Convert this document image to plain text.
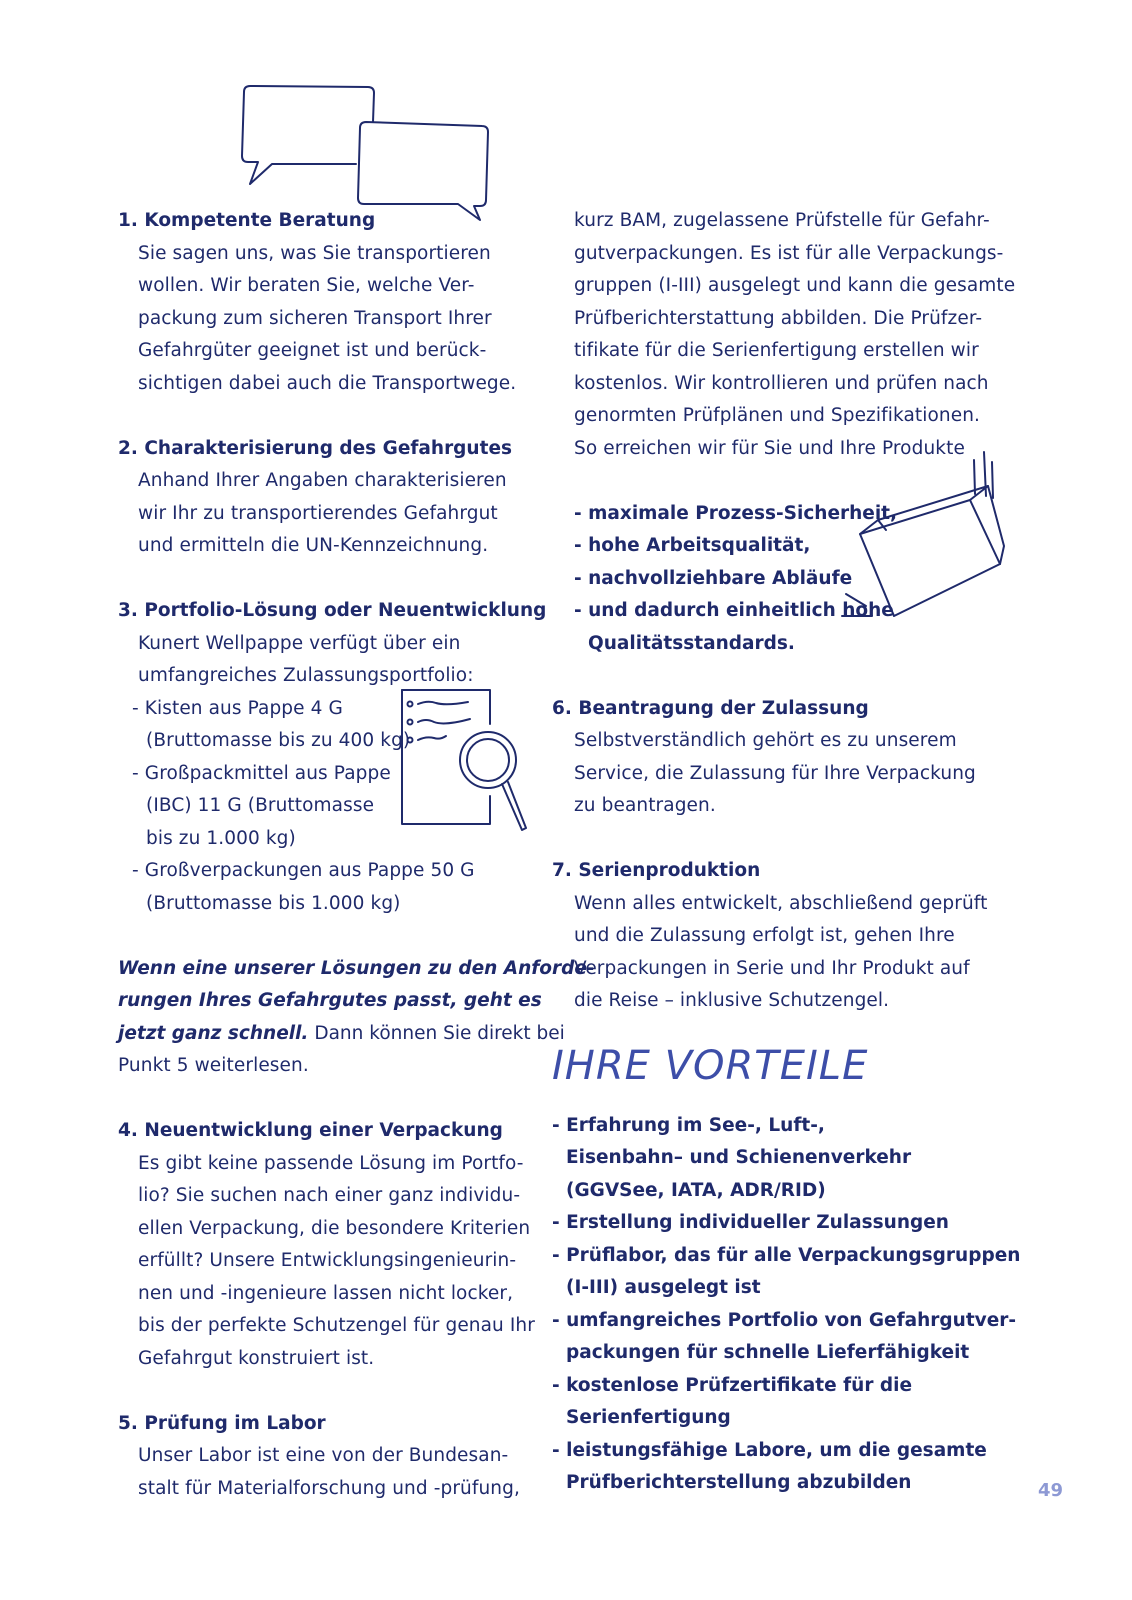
1. Kompetente Beratung
Sie sagen uns, was Sie transportieren
wollen. Wir beraten Sie, welche Ver-
packung zum sicheren Transport Ihrer
Gefahrgüter geeignet ist und berück-
sichtigen dabei auch die Transportwege.
2. Charakterisierung des Gefahrgutes
Anhand Ihrer Angaben charakterisieren
wir Ihr zu transportierendes Gefahrgut
und ermitteln die UN-Kennzeichnung.
3. Portfolio-Lösung oder Neuentwicklung
Kunert Wellpappe verfügt über ein
umfangreiches Zulassungsportfolio:
- Kisten aus Pappe 4 G
(Bruttomasse bis zu 400 kg)
- Großpackmittel aus Pappe
(IBC) 11 G (Bruttomasse
bis zu 1.000 kg)
- Großverpackungen aus Pappe 50 G
(Bruttomasse bis 1.000 kg)
Wenn eine unserer Lösungen zu den Anforde-
rungen Ihres Gefahrgutes passt, geht es
jetzt ganz schnell. Dann können Sie direkt bei
Punkt 5 weiterlesen.
4. Neuentwicklung einer Verpackung
Es gibt keine passende Lösung im Portfo-
lio? Sie suchen nach einer ganz individu-
ellen Verpackung, die besondere Kriterien
erfüllt? Unsere Entwicklungsingenieurin-
nen und -ingenieure lassen nicht locker,
bis der perfekte Schutzengel für genau Ihr
Gefahrgut konstruiert ist.
5. Prüfung im Labor
Unser Labor ist eine von der Bundesan-
stalt für Materialforschung und -prüfung,
kurz BAM, zugelassene Prüfstelle für Gefahr-
gutverpackungen. Es ist für alle Verpackungs-
gruppen (I-III) ausgelegt und kann die gesamte
Prüfberichterstattung abbilden. Die Prüfzer-
tifikate für die Serienfertigung erstellen wir
kostenlos. Wir kontrollieren und prüfen nach
genormten Prüfplänen und Spezifikationen.
So erreichen wir für Sie und Ihre Produkte
- maximale Prozess-Sicherheit,
- hohe Arbeitsqualität,
- nachvollziehbare Abläufe
- und dadurch einheitlich hohe
Qualitätsstandards.
6. Beantragung der Zulassung
Selbstverständlich gehört es zu unserem
Service, die Zulassung für Ihre Verpackung
zu beantragen.
7. Serienproduktion
Wenn alles entwickelt, abschließend geprüft
und die Zulassung erfolgt ist, gehen Ihre
Verpackungen in Serie und Ihr Produkt auf
die Reise – inklusive Schutzengel.
IHRE VORTEILE
- Erfahrung im See-, Luft-,
Eisenbahn– und Schienenverkehr
(GGVSee, IATA, ADR/RID)
- Erstellung individueller Zulassungen
- Prüflabor, das für alle Verpackungsgruppen
(I-III) ausgelegt ist
- umfangreiches Portfolio von Gefahrgutver-
packungen für schnelle Lieferfähigkeit
- kostenlose Prüfzertifikate für die
Serienfertigung
- leistungsfähige Labore, um die gesamte
Prüfberichterstellung abzubilden	49
